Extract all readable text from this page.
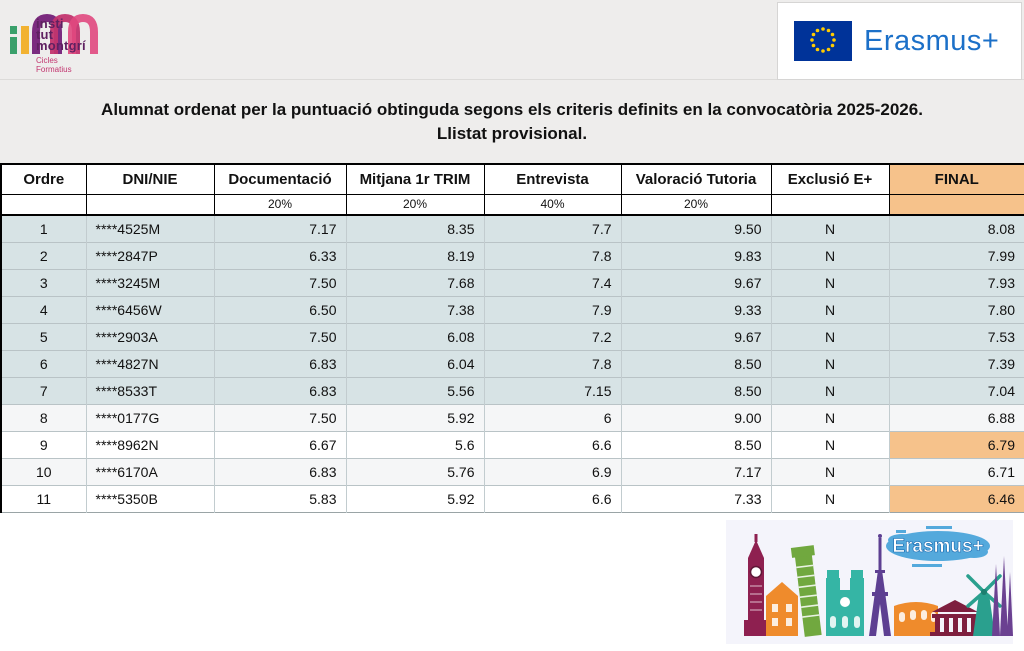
insti
tut
montgrí
Cicles
Formatius
Erasmus+
Alumnat ordenat per la puntuació obtinguda segons els criteris definits en la convocatòria 2025-2026.
Llistat provisional.
Ordre	DNI/NIE	Documentació	Mitjana 1r TRIM	Entrevista	Valoració Tutoria	Exclusió E+	FINAL
		20%	20%	40%	20%		
1	****4525M	7.17	8.35	7.7	9.50	N	8.08
2	****2847P	6.33	8.19	7.8	9.83	N	7.99
3	****3245M	7.50	7.68	7.4	9.67	N	7.93
4	****6456W	6.50	7.38	7.9	9.33	N	7.80
5	****2903A	7.50	6.08	7.2	9.67	N	7.53
6	****4827N	6.83	6.04	7.8	8.50	N	7.39
7	****8533T	6.83	5.56	7.15	8.50	N	7.04
8	****0177G	7.50	5.92	6	9.00	N	6.88
9	****8962N	6.67	5.6	6.6	8.50	N	6.79
10	****6170A	6.83	5.76	6.9	7.17	N	6.71
11	****5350B	5.83	5.92	6.6	7.33	N	6.46
Erasmus+
